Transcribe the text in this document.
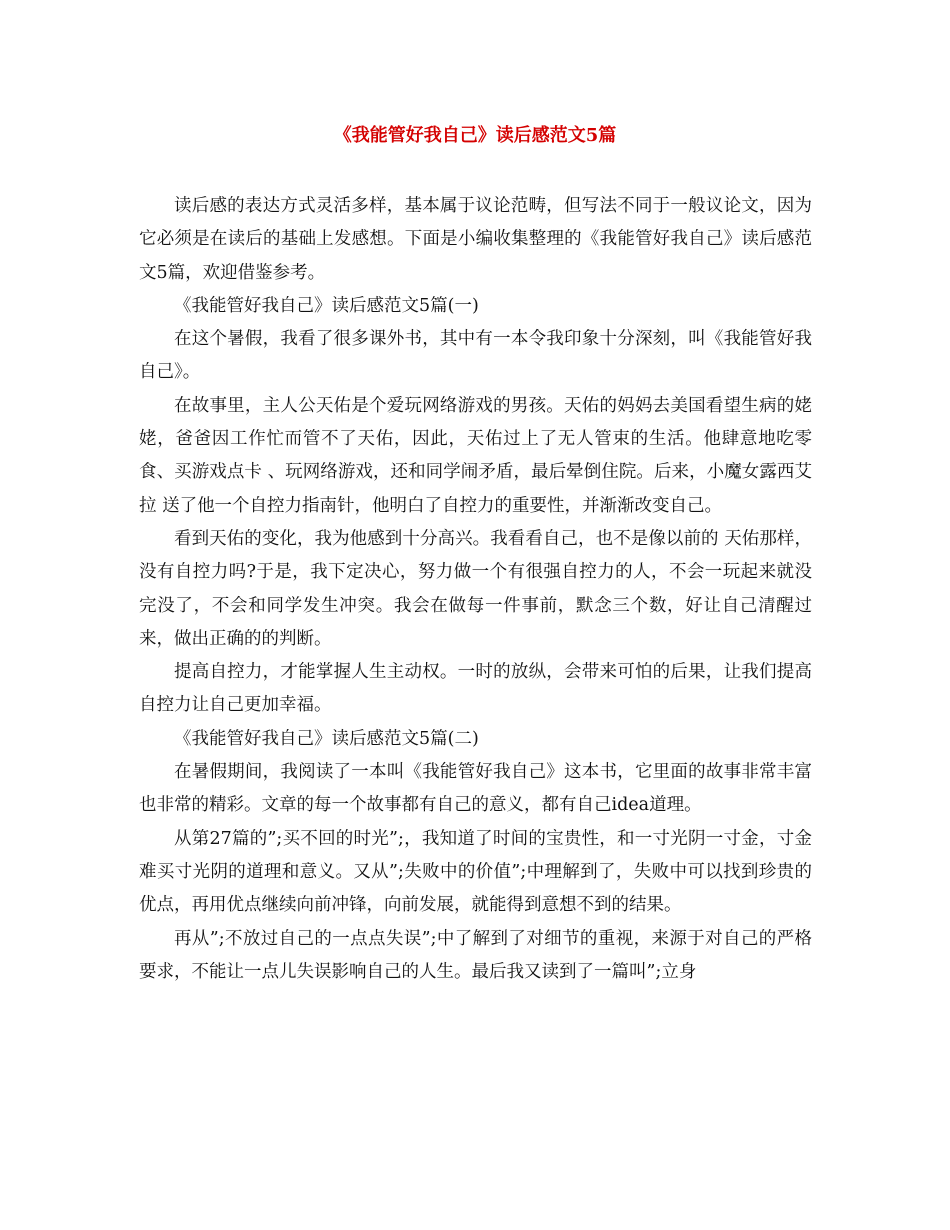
《我能管好我自己》读后感范文5篇

读后感的表达方式灵活多样，基本属于议论范畴，但写法不同于一般议论文，因为它必须是在读后的基础上发感想。下面是小编收集整理的《我能管好我自己》读后感范文5篇，欢迎借鉴参考。

《我能管好我自己》读后感范文5篇(一)

在这个暑假，我看了很多课外书，其中有一本令我印象十分深刻，叫《我能管好我自己》。

在故事里，主人公天佑是个爱玩网络游戏的男孩。天佑的妈妈去美国看望生病的姥姥，爸爸因工作忙而管不了天佑，因此，天佑过上了无人管束的生活。他肆意地吃零食、买游戏点卡 、玩网络游戏，还和同学闹矛盾，最后晕倒住院。后来，小魔女露西艾拉 送了他一个自控力指南针，他明白了自控力的重要性，并渐渐改变自己。

看到天佑的变化，我为他感到十分高兴。我看看自己，也不是像以前的 天佑那样，没有自控力吗?于是，我下定决心，努力做一个有很强自控力的人，不会一玩起来就没完没了，不会和同学发生冲突。我会在做每一件事前，默念三个数，好让自己清醒过来，做出正确的的判断。

提高自控力，才能掌握人生主动权。一时的放纵，会带来可怕的后果，让我们提高自控力让自己更加幸福。

《我能管好我自己》读后感范文5篇(二)

在暑假期间，我阅读了一本叫《我能管好我自己》这本书，它里面的故事非常丰富也非常的精彩。文章的每一个故事都有自己的意义，都有自己idea道理。

从第27篇的”;买不回的时光”;，我知道了时间的宝贵性，和一寸光阴一寸金，寸金难买寸光阴的道理和意义。又从”;失败中的价值”;中理解到了，失败中可以找到珍贵的优点，再用优点继续向前冲锋，向前发展，就能得到意想不到的结果。

再从”;不放过自己的一点点失误”;中了解到了对细节的重视，来源于对自己的严格要求，不能让一点儿失误影响自己的人生。最后我又读到了一篇叫”;立身
